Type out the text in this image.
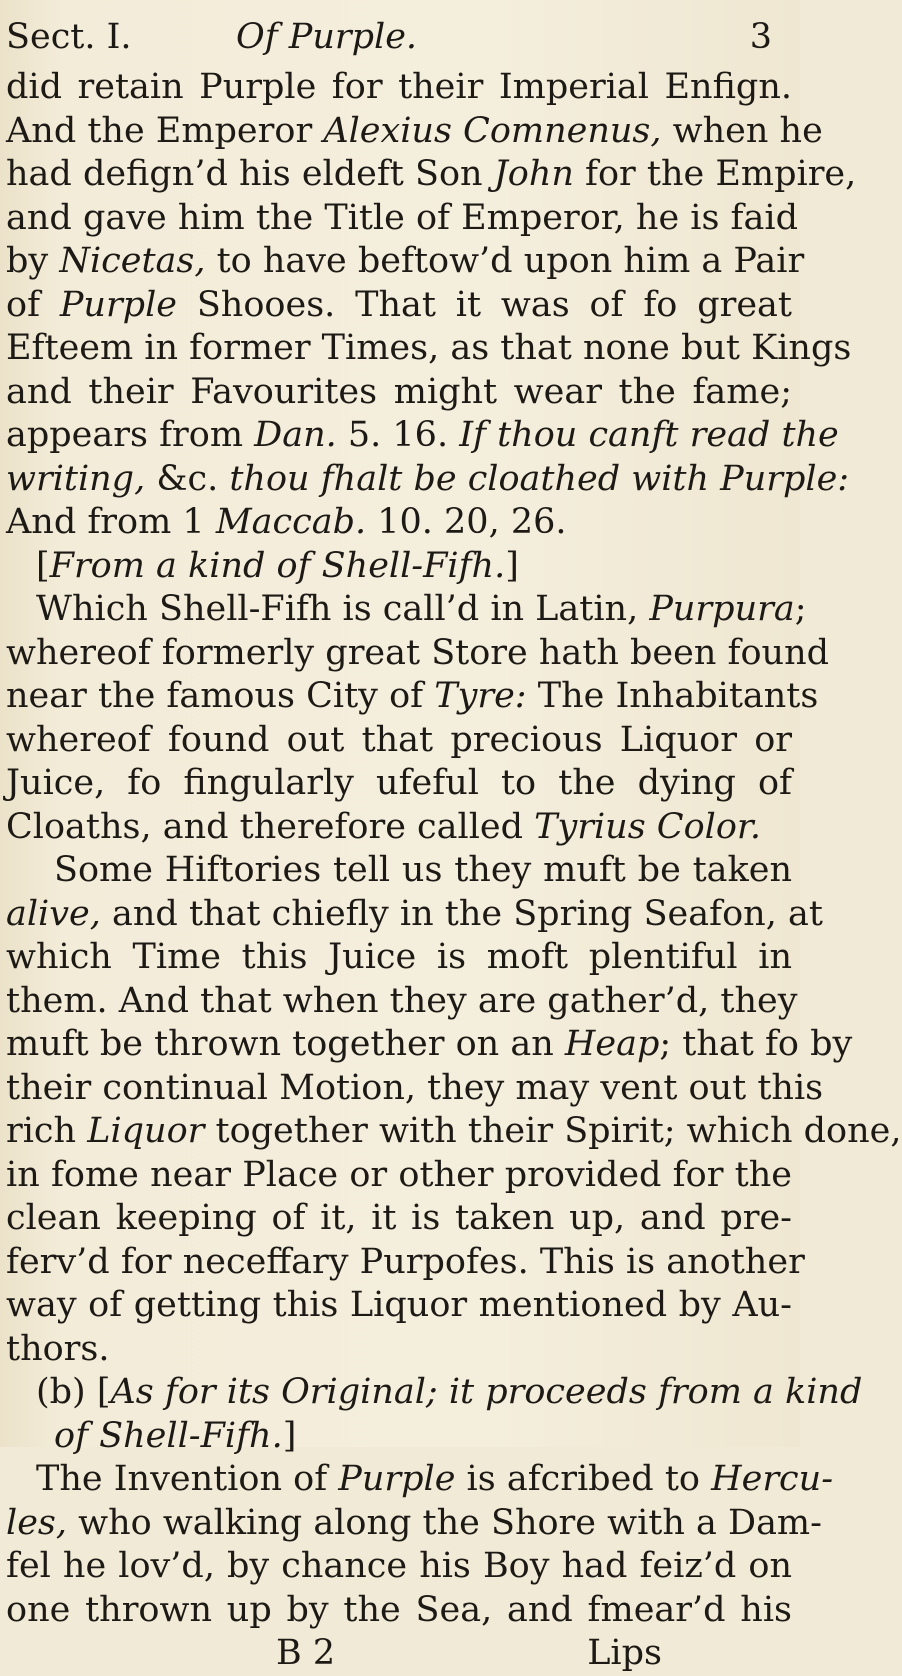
Sect. I.	Of Purple.	3
did retain Purple for their Imperial Enfign.
And the Emperor Alexius Comnenus, when he
had defign’d his eldeft Son John for the Empire,
and gave him the Title of Emperor, he is faid
by Nicetas, to have beftow’d upon him a Pair
of Purple Shooes. That it was of fo great
Efteem in former Times, as that none but Kings
and their Favourites might wear the fame;
appears from Dan. 5. 16. If thou canft read the
writing, &c. thou fhalt be cloathed with Purple:
And from 1 Maccab. 10. 20, 26.
[From a kind of Shell-Fifh.]
Which Shell-Fifh is call’d in Latin, Purpura;
whereof formerly great Store hath been found
near the famous City of Tyre: The Inhabitants
whereof found out that precious Liquor or
Juice, fo fingularly ufeful to the dying of
Cloaths, and therefore called Tyrius Color.
Some Hiftories tell us they muft be taken
alive, and that chiefly in the Spring Seafon, at
which Time this Juice is moft plentiful in
them. And that when they are gather’d, they
muft be thrown together on an Heap; that fo by
their continual Motion, they may vent out this
rich Liquor together with their Spirit; which done,
in fome near Place or other provided for the
clean keeping of it, it is taken up, and pre-
ferv’d for neceffary Purpofes. This is another
way of getting this Liquor mentioned by Au-
thors.
(b) [As for its Original; it proceeds from a kind
of Shell-Fifh.]
The Invention of Purple is afcribed to Hercu-
les, who walking along the Shore with a Dam-
fel he lov’d, by chance his Boy had feiz’d on
one thrown up by the Sea, and fmear’d his
B 2	Lips
